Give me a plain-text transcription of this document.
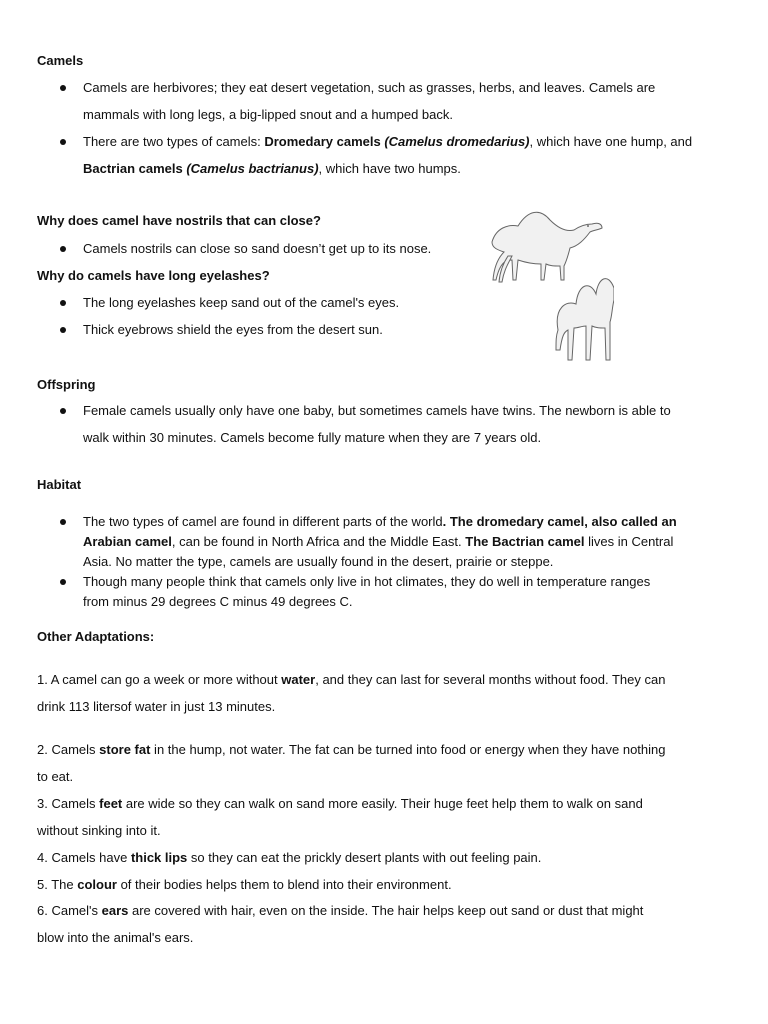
Camels
Camels are herbivores; they eat desert vegetation, such as grasses, herbs, and leaves. Camels are
mammals with long legs, a big-lipped snout and a humped back.
There are two types of camels: Dromedary camels (Camelus dromedarius), which have one hump, and
Bactrian camels (Camelus bactrianus), which have two humps.
Why does camel have nostrils that can close?
Camels nostrils can close so sand doesn’t get up to its nose.
Why do camels have long eyelashes?
The long eyelashes keep sand out of the camel's eyes.
Thick eyebrows shield the eyes from the desert sun.
Offspring
Female camels usually only have one baby, but sometimes camels have twins. The newborn is able to
walk within 30 minutes. Camels become fully mature when they are 7 years old.
Habitat
The two types of camel are found in different parts of the world. The dromedary camel, also called an
Arabian camel, can be found in North Africa and the Middle East. The Bactrian camel lives in Central
Asia. No matter the type, camels are usually found in the desert, prairie or steppe.
Though many people think that camels only live in hot climates, they do well in temperature ranges
from minus 29 degrees C minus 49 degrees C.
Other Adaptations:
1. A camel can go a week or more without water, and they can last for several months without food. They can
drink 113 litersof water in just 13 minutes.
2. Camels store fat in the hump, not water. The fat can be turned into food or energy when they have nothing
to eat.
3. Camels feet are wide so they can walk on sand more easily. Their huge feet help them to walk on sand
without sinking into it.
4. Camels have thick lips so they can eat the prickly desert plants with out feeling pain.
5. The colour of their bodies helps them to blend into their environment.
6. Camel's ears are covered with hair, even on the inside. The hair helps keep out sand or dust that might
blow into the animal's ears.
